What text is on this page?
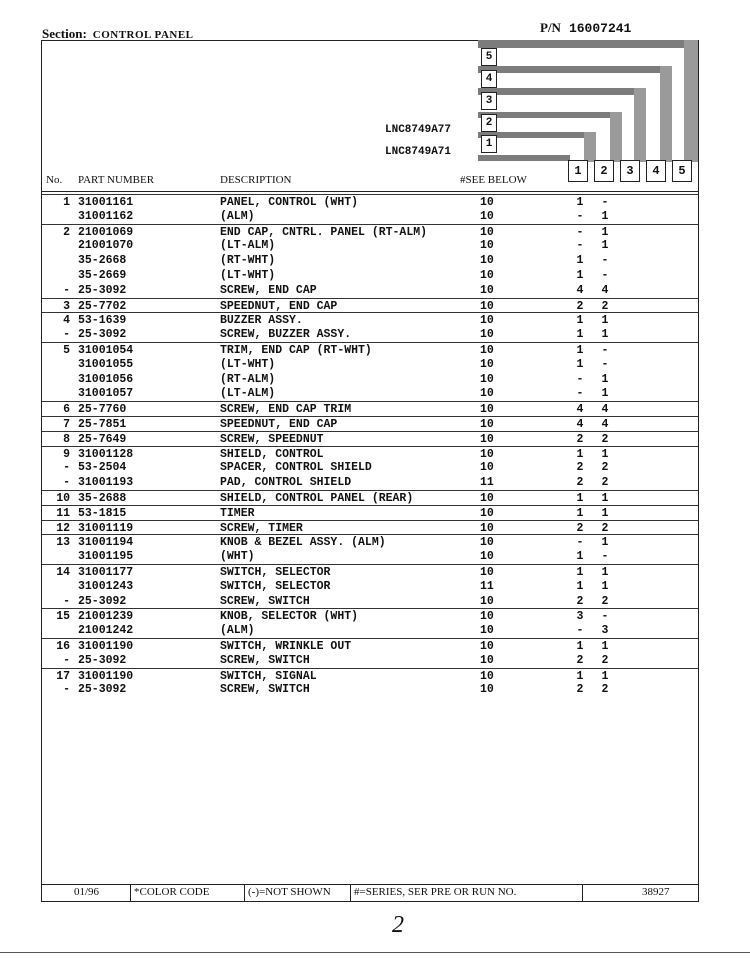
Section: CONTROL PANEL	P/N 16007241
5
4
3
2
1
LNC8749A77
LNC8749A71
1	2	3	4	5
No. PART NUMBER	DESCRIPTION	#SEE BELOW
1 31001161	PANEL, CONTROL (WHT)	10	1	-
31001162	(ALM)	10	-	1
2 21001069	END CAP, CNTRL. PANEL (RT-ALM)	10	-	1
21001070	(LT-ALM)	10	-	1
35-2668	(RT-WHT)	10	1	-
35-2669	(LT-WHT)	10	1	-
- 25-3092	SCREW, END CAP	10	4	4
3 25-7702	SPEEDNUT, END CAP	10	2	2
4 53-1639	BUZZER ASSY.	10	1	1
- 25-3092	SCREW, BUZZER ASSY.	10	1	1
5 31001054	TRIM, END CAP (RT-WHT)	10	1	-
31001055	(LT-WHT)	10	1	-
31001056	(RT-ALM)	10	-	1
31001057	(LT-ALM)	10	-	1
6 25-7760	SCREW, END CAP TRIM	10	4	4
7 25-7851	SPEEDNUT, END CAP	10	4	4
8 25-7649	SCREW, SPEEDNUT	10	2	2
9 31001128	SHIELD, CONTROL	10	1	1
- 53-2504	SPACER, CONTROL SHIELD	10	2	2
- 31001193	PAD, CONTROL SHIELD	11	2	2
10 35-2688	SHIELD, CONTROL PANEL (REAR)	10	1	1
11 53-1815	TIMER	10	1	1
12 31001119	SCREW, TIMER	10	2	2
13 31001194	KNOB & BEZEL ASSY. (ALM)	10	-	1
31001195	(WHT)	10	1	-
14 31001177	SWITCH, SELECTOR	10	1	1
31001243	SWITCH, SELECTOR	11	1	1
- 25-3092	SCREW, SWITCH	10	2	2
15 21001239	KNOB, SELECTOR (WHT)	10	3	-
21001242	(ALM)	10	-	3
16 31001190	SWITCH, WRINKLE OUT	10	1	1
- 25-3092	SCREW, SWITCH	10	2	2
17 31001190	SWITCH, SIGNAL	10	1	1
- 25-3092	SCREW, SWITCH	10	2	2
01/96	*COLOR CODE	(-)=NOT SHOWN #=SERIES, SER PRE OR RUN NO.	38927
2
